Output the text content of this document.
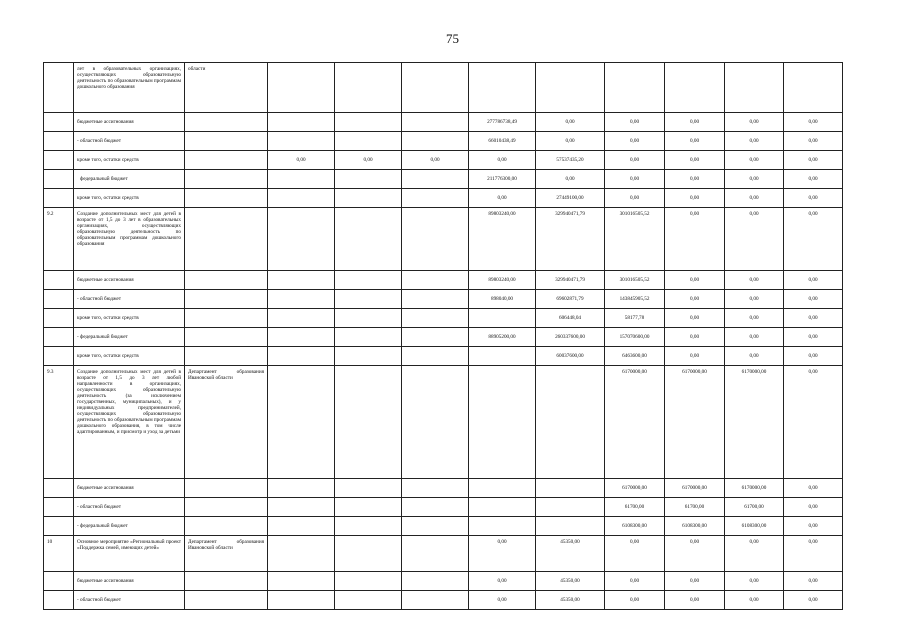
75
	лет в образовательных организациях, осуществляющих образовательную деятельность по образовательным программам дошкольного образования	области									
	бюджетные ассигнования					277786738,49	0,00	0,00	0,00	0,00	0,00
	- областной бюджет					66010438,49	0,00	0,00	0,00	0,00	0,00
	кроме того, остатки средств		0,00	0,00	0,00	0,00	57537435,20	0,00	0,00	0,00	0,00
	федеральный бюджет					211776300,00	0,00	0,00	0,00	0,00	0,00
	кроме того, остатки средств					0,00	27449100,00	0,00	0,00	0,00	0,00
9.2	Создание дополнительных мест для детей в возрасте от 1,5 до 3 лет в образовательных организациях, осуществляющих образовательную деятельность по образовательным программам дошкольного образования					89803240,00	329940471,79	301016505,52	0,00	0,00	0,00
	бюджетные ассигнования					89803240,00	329940471,79	301016505,52	0,00	0,00	0,00
	- областной бюджет					898040,00	69602871,79	143845905,52	0,00	0,00	0,00
	кроме того, остатки средств						606448,04	58177,78	0,00	0,00	0,00
	- федеральный бюджет					88905200,00	260337600,00	157070600,00	0,00	0,00	0,00
	кроме того, остатки средств						60037600,00	6463600,00	0,00	0,00	0,00
9.3	Создание дополнительных мест для детей в возрасте от 1,5 до 3 лет любой направленности в организациях, осуществляющих образовательную деятельность (за исключением государственных, муниципальных), и у индивидуальных предпринимателей, осуществляющих образовательную деятельность по образовательным программам дошкольного образования, в том числе адаптированным, и присмотр и уход за детьми	Департамент образования Ивановской области						6170000,00	6170000,00	6170000,00	0,00
	бюджетные ассигнования							6170000,00	6170000,00	6170000,00	0,00
	- областной бюджет							61700,00	61700,00	61700,00	0,00
	- федеральный бюджет							6108300,00	6108300,00	6108300,00	0,00
10	Основное мероприятие «Региональный проект «Поддержка семей, имеющих детей»	Департамент образования Ивановской области				0,00	45350,00	0,00	0,00	0,00	0,00
	бюджетные ассигнования					0,00	45350,00	0,00	0,00	0,00	0,00
	- областной бюджет					0,00	45350,00	0,00	0,00	0,00	0,00
